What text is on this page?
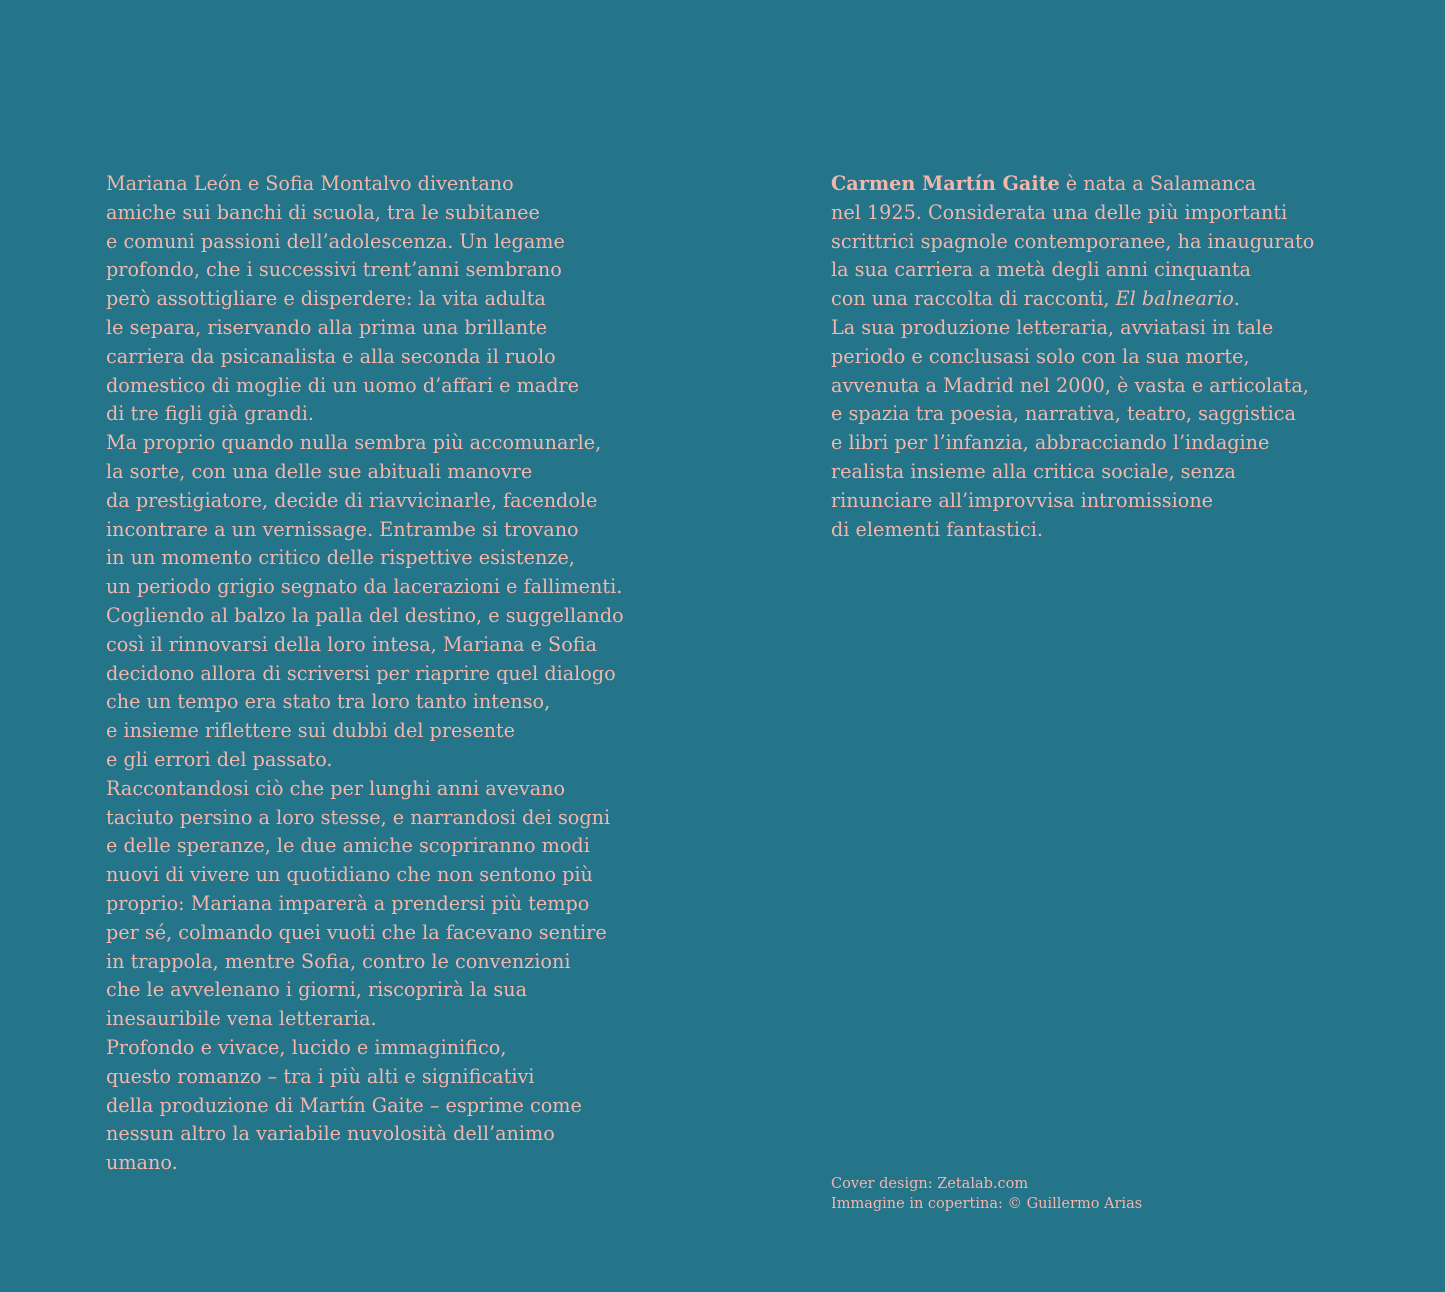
Mariana León e Sofia Montalvo diventano
amiche sui banchi di scuola, tra le subitanee
e comuni passioni dell’adolescenza. Un legame
profondo, che i successivi trent’anni sembrano
però assottigliare e disperdere: la vita adulta
le separa, riservando alla prima una brillante
carriera da psicanalista e alla seconda il ruolo
domestico di moglie di un uomo d’affari e madre
di tre figli già grandi.
Ma proprio quando nulla sembra più accomunarle,
la sorte, con una delle sue abituali manovre
da prestigiatore, decide di riavvicinarle, facendole
incontrare a un vernissage. Entrambe si trovano
in un momento critico delle rispettive esistenze,
un periodo grigio segnato da lacerazioni e fallimenti.
Cogliendo al balzo la palla del destino, e suggellando
così il rinnovarsi della loro intesa, Mariana e Sofia
decidono allora di scriversi per riaprire quel dialogo
che un tempo era stato tra loro tanto intenso,
e insieme riflettere sui dubbi del presente
e gli errori del passato.
Raccontandosi ciò che per lunghi anni avevano
taciuto persino a loro stesse, e narrandosi dei sogni
e delle speranze, le due amiche scopriranno modi
nuovi di vivere un quotidiano che non sentono più
proprio: Mariana imparerà a prendersi più tempo
per sé, colmando quei vuoti che la facevano sentire
in trappola, mentre Sofia, contro le convenzioni
che le avvelenano i giorni, riscoprirà la sua
inesauribile vena letteraria.
Profondo e vivace, lucido e immaginifico,
questo romanzo – tra i più alti e significativi
della produzione di Martín Gaite – esprime come
nessun altro la variabile nuvolosità dell’animo
umano.
Carmen Martín Gaite è nata a Salamanca
nel 1925. Considerata una delle più importanti
scrittrici spagnole contemporanee, ha inaugurato
la sua carriera a metà degli anni cinquanta
con una raccolta di racconti, El balneario.
La sua produzione letteraria, avviatasi in tale
periodo e conclusasi solo con la sua morte,
avvenuta a Madrid nel 2000, è vasta e articolata,
e spazia tra poesia, narrativa, teatro, saggistica
e libri per l’infanzia, abbracciando l’indagine
realista insieme alla critica sociale, senza
rinunciare all’improvvisa intromissione
di elementi fantastici.
Cover design: Zetalab.com
Immagine in copertina: © Guillermo Arias
